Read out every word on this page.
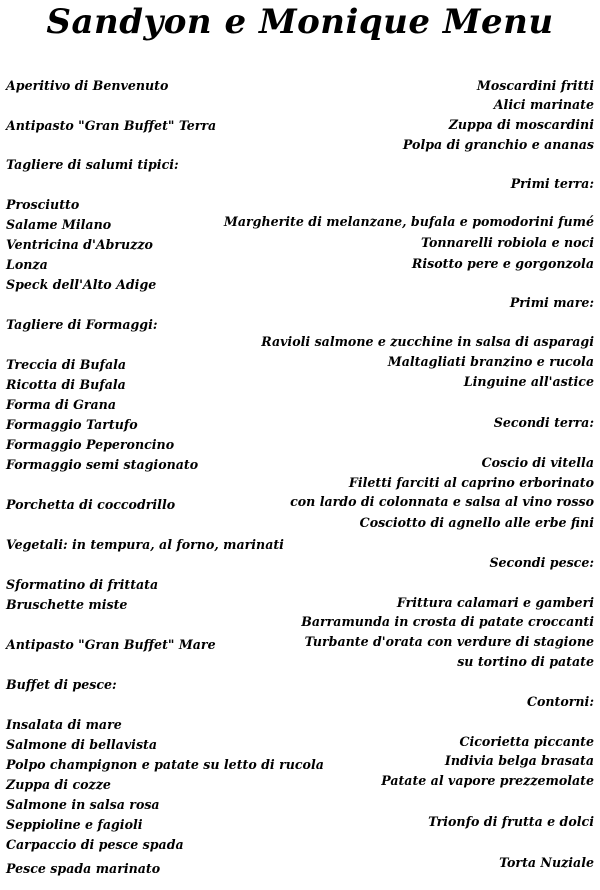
Sandyon e Monique Menu
Aperitivo di Benvenuto
Antipasto "Gran Buffet" Terra
Tagliere di salumi tipici:
Prosciutto
Salame Milano
Ventricina d'Abruzzo
Lonza
Speck dell'Alto Adige
Tagliere di Formaggi:
Treccia di Bufala
Ricotta di Bufala
Forma di Grana
Formaggio Tartufo
Formaggio Peperoncino
Formaggio semi stagionato
Porchetta di coccodrillo
Vegetali: in tempura, al forno, marinati
Sformatino di frittata
Bruschette miste
Antipasto "Gran Buffet" Mare
Buffet di pesce:
Insalata di mare
Salmone di bellavista
Polpo champignon e patate su letto di rucola
Zuppa di cozze
Salmone in salsa rosa
Seppioline e fagioli
Carpaccio di pesce spada
Pesce spada marinato
Moscardini fritti
Alici marinate
Zuppa di moscardini
Polpa di granchio e ananas
Primi terra:
Margherite di melanzane, bufala e pomodorini fumé
Tonnarelli robiola e noci
Risotto pere e gorgonzola
Primi mare:
Ravioli salmone e zucchine in salsa di asparagi
Maltagliati branzino e rucola
Linguine all'astice
Secondi terra:
Coscio di vitella
Filetti farciti al caprino erborinato
con lardo di colonnata e salsa al vino rosso
Cosciotto di agnello alle erbe fini
Secondi pesce:
Frittura calamari e gamberi
Barramunda in crosta di patate croccanti
Turbante d'orata con verdure di stagione
su tortino di patate
Contorni:
Cicorietta piccante
Indivia belga brasata
Patate al vapore prezzemolate
Trionfo di frutta e dolci
Torta Nuziale
